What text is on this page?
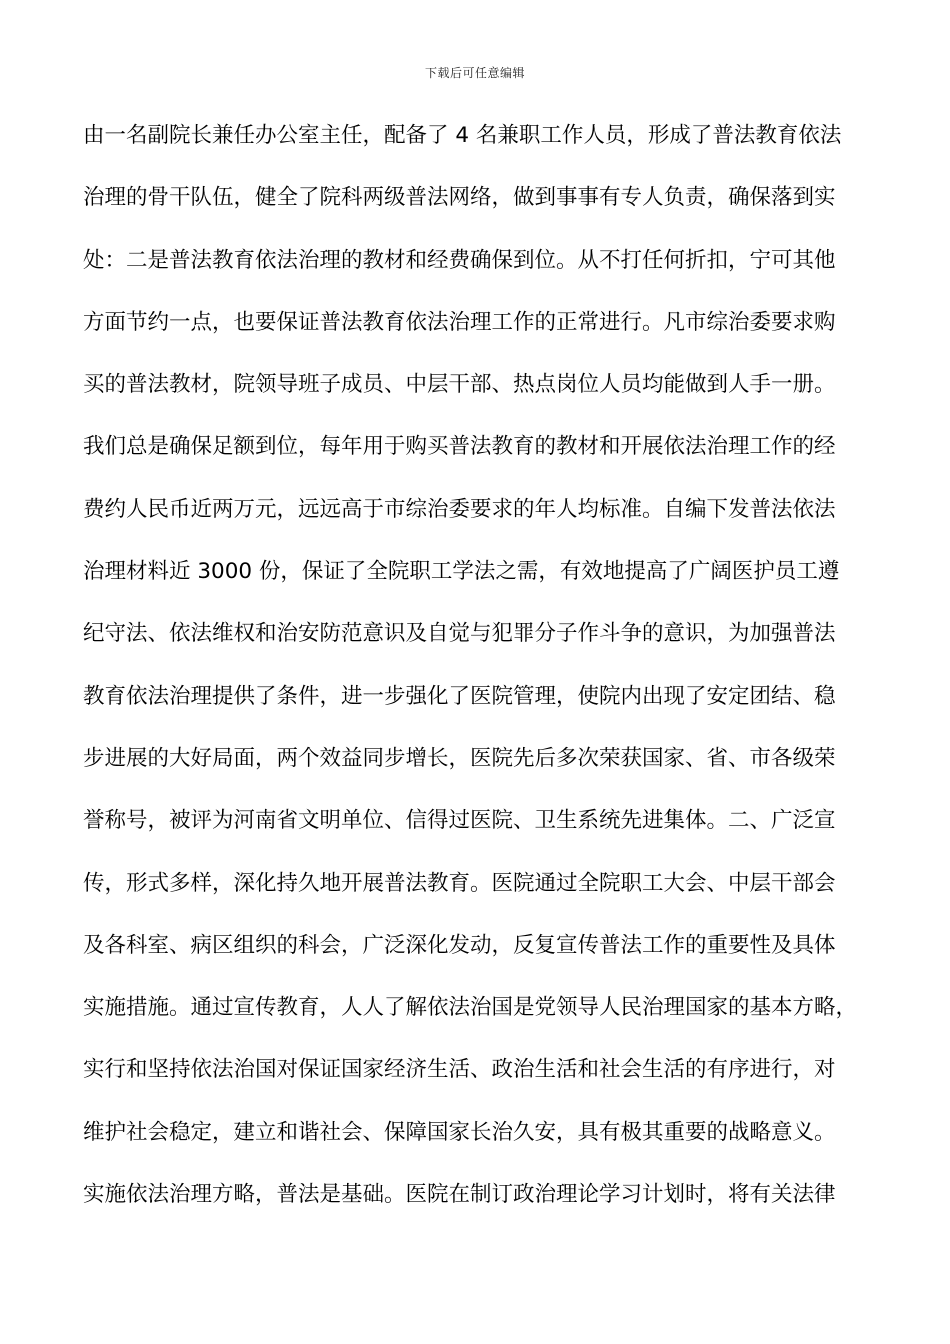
下载后可任意编辑
由一名副院长兼任办公室主任，配备了 4 名兼职工作人员，形成了普法教育依法
治理的骨干队伍，健全了院科两级普法网络，做到事事有专人负责，确保落到实
处：二是普法教育依法治理的教材和经费确保到位。从不打任何折扣，宁可其他
方面节约一点，也要保证普法教育依法治理工作的正常进行。凡市综治委要求购
买的普法教材，院领导班子成员、中层干部、热点岗位人员均能做到人手一册。
我们总是确保足额到位，每年用于购买普法教育的教材和开展依法治理工作的经
费约人民币近两万元，远远高于市综治委要求的年人均标准。自编下发普法依法
治理材料近 3000 份，保证了全院职工学法之需，有效地提高了广阔医护员工遵
纪守法、依法维权和治安防范意识及自觉与犯罪分子作斗争的意识，为加强普法
教育依法治理提供了条件，进一步强化了医院管理，使院内出现了安定团结、稳
步进展的大好局面，两个效益同步增长，医院先后多次荣获国家、省、市各级荣
誉称号，被评为河南省文明单位、信得过医院、卫生系统先进集体。二、广泛宣
传，形式多样，深化持久地开展普法教育。医院通过全院职工大会、中层干部会
及各科室、病区组织的科会，广泛深化发动，反复宣传普法工作的重要性及具体
实施措施。通过宣传教育，人人了解依法治国是党领导人民治理国家的基本方略，
实行和坚持依法治国对保证国家经济生活、政治生活和社会生活的有序进行，对
维护社会稳定，建立和谐社会、保障国家长治久安，具有极其重要的战略意义。
实施依法治理方略，普法是基础。医院在制订政治理论学习计划时，将有关法律
